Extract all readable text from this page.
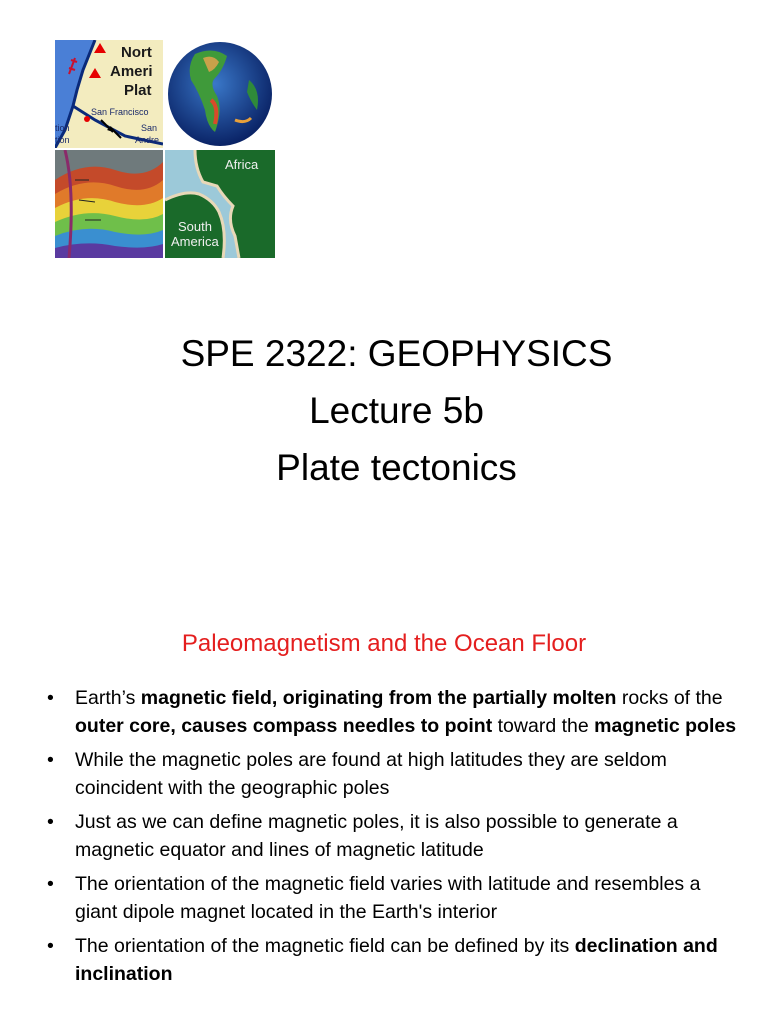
Nort
Ameri
Plat
San Francisco
tion
tion
San
Andre
Africa
South
America
SPE 2322: GEOPHYSICS
Lecture 5b
Plate tectonics
Paleomagnetism and the Ocean Floor
• Earth’s magnetic field, originating from the partially molten rocks of the outer core, causes compass needles to point toward the magnetic poles
• While the magnetic poles are found at high latitudes they are seldom coincident with the geographic poles
• Just as we can define magnetic poles, it is also possible to generate a magnetic equator and lines of magnetic latitude
• The orientation of the magnetic field varies with latitude and resembles a giant dipole magnet located in the Earth's interior
• The orientation of the magnetic field can be defined by its declination and inclination
